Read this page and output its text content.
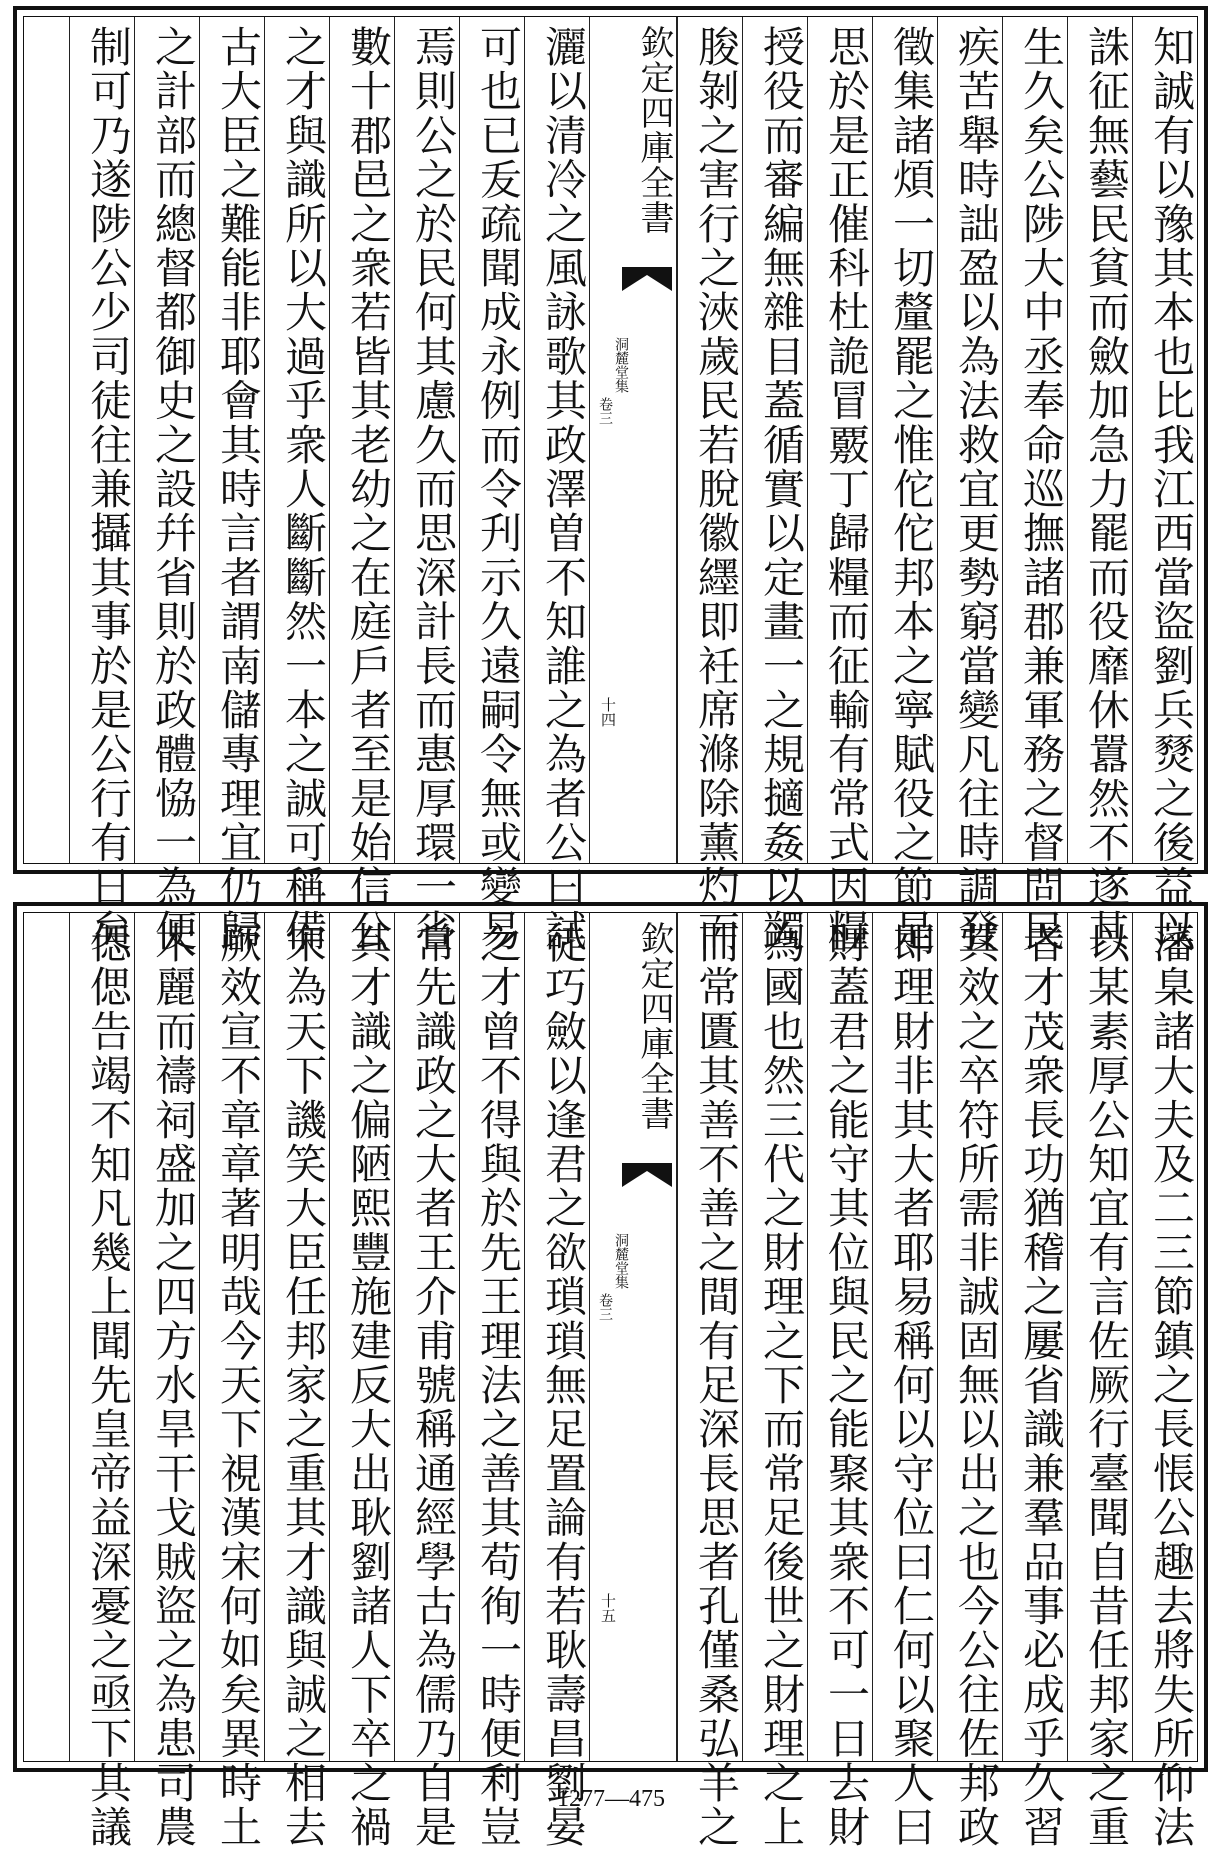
知誠有以豫其本也比我江西當盜劉兵燹之後益以
誅征無藝民貧而斂加急力罷而役靡休囂然不遂其
生久矣公陟大中丞奉命巡撫諸郡兼軍務之督問民
疾苦舉時詘盈以為法救宜更勢窮當變凡往時調發
徵集諸煩一切釐罷之惟佗佗邦本之寧賦役之節是
思於是正催科杜詭冒覈丁歸糧而征輸有常式因糧
授役而審編無雜目蓋循實以定畫一之規擿姦以蠲
朘剝之害行之浹歲民若脫徽纆即衽席滌除薰灼而
欽定四庫全書
洞麓堂集
卷三
十四
灑以清冷之風詠歌其政澤曽不知誰之為者公曰試
可也已叐疏聞成永例而令刋示久遠嗣令無或變易
焉則公之於民何其慮久而思深計長而惠厚環一省
數十郡邑之衆若皆其老幼之在庭戶者至是始信公
之才與識所以大過乎衆人斷斷然一本之誠可稱備
古大臣之難能非耶會其時言者謂南儲專理宜仍歸
之計部而總督都御史之設幷省則於政體恊一為便
制可乃遂陟公少司徒往兼攝其事於是公行有日矣
藩臬諸大夫及二三節鎮之長悵公趣去將失所仰法
以某素厚公知宜有言佐厥行臺聞自昔任邦家之重
者才茂衆長功猶稽之屢省識兼羣品事必成乎久習
其效之卒符所需非誠固無以出之也今公往佐邦政
即理財非其大者耶易稱何以守位曰仁何以聚人曰
財蓋君之能守其位與民之能聚其衆不可一日去財
為國也然三代之財理之下而常足後世之財理之上
而常匱其善不善之間有足深長思者孔僅桑弘羊之
欽定四庫全書
洞麓堂集
卷三
十五
徒巧斂以逢君之欲瑣瑣無足置論有若耿壽昌劉晏
之才曾不得與於先王理法之善其苟徇一時便利豈
常先識政之大者王介甫號稱通經學古為儒乃自是
其才識之偏陋熙豐施建反大出耿劉諸人下卒之禍
宋為天下譏笑大臣任邦家之重其才識與誠之相去
厥效宣不章章著明哉今天下視漢宋何如矣異時土
木麗而禱祠盛加之四方水旱干戈賊盜之為患司農
偲偲告竭不知凡幾上聞先皇帝益深憂之亟下其議	1277—475
